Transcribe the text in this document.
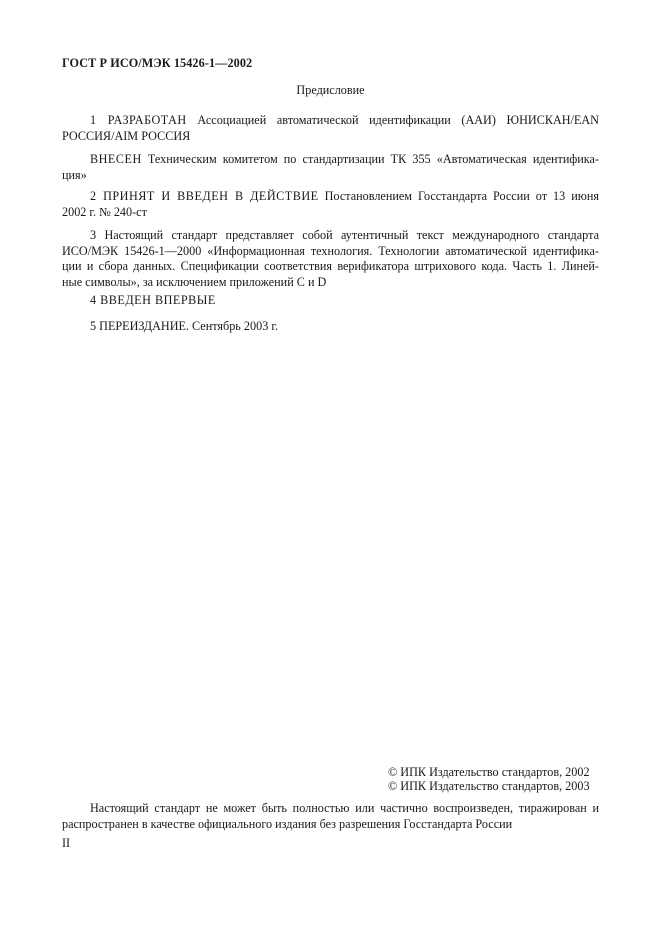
ГОСТ Р ИСО/МЭК 15426-1—2002
Предисловие
1 РАЗРАБОТАН Ассоциацией автоматической идентификации (ААИ) ЮНИСКАН/EAN
РОССИЯ/AIM РОССИЯ
ВНЕСЕН Техническим комитетом по стандартизации ТК 355 «Автоматическая идентифика-
ция»
2 ПРИНЯТ И ВВЕДЕН В ДЕЙСТВИЕ Постановлением Госстандарта России от 13 июня
2002 г. № 240-ст
3 Настоящий стандарт представляет собой аутентичный текст международного стандарта
ИСО/МЭК 15426-1—2000 «Информационная технология. Технологии автоматической идентифика-
ции и сбора данных. Спецификации соответствия верификатора штрихового кода. Часть 1. Линей-
ные символы», за исключением приложений С и D
4 ВВЕДЕН ВПЕРВЫЕ
5 ПЕРЕИЗДАНИЕ. Сентябрь 2003 г.
© ИПК Издательство стандартов, 2002
© ИПК Издательство стандартов, 2003
Настоящий стандарт не может быть полностью или частично воспроизведен, тиражирован и
распространен в качестве официального издания без разрешения Госстандарта России
II
